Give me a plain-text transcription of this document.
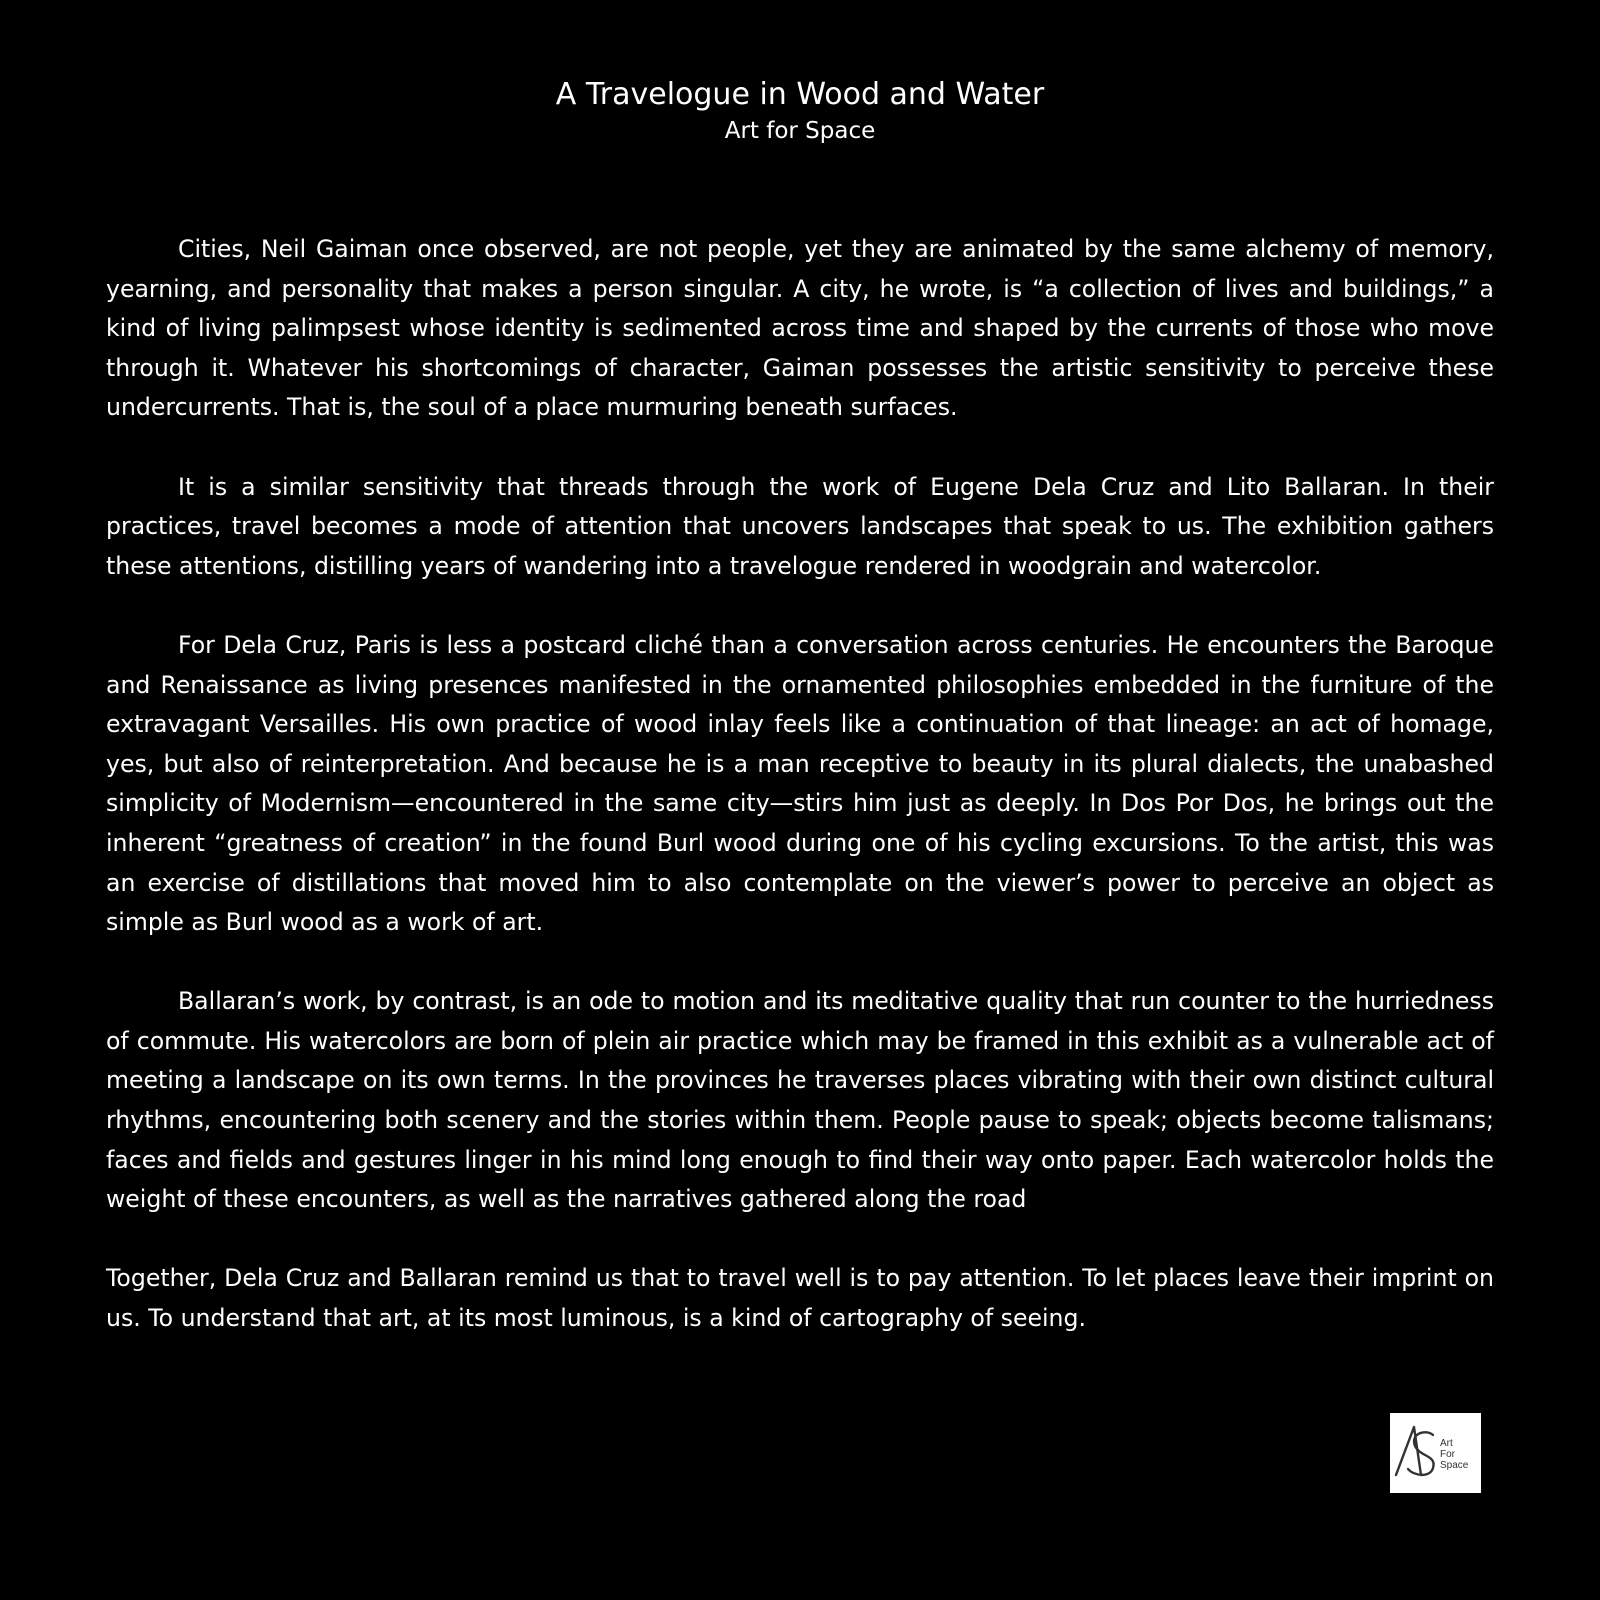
A Travelogue in Wood and Water
Art for Space

Cities, Neil Gaiman once observed, are not people, yet they are animated by the same alchemy of memory, yearning, and personality that makes a person singular. A city, he wrote, is “a collection of lives and buildings,” a kind of living palimpsest whose identity is sedimented across time and shaped by the currents of those who move through it. Whatever his shortcomings of character, Gaiman possesses the artistic sensitivity to perceive these undercurrents. That is, the soul of a place murmuring beneath surfaces.

It is a similar sensitivity that threads through the work of Eugene Dela Cruz and Lito Ballaran. In their practices, travel becomes a mode of attention that uncovers landscapes that speak to us. The exhibition gathers these attentions, distilling years of wandering into a travelogue rendered in woodgrain and watercolor.

For Dela Cruz, Paris is less a postcard cliché than a conversation across centuries. He encounters the Baroque and Renaissance as living presences manifested in the ornamented philosophies embedded in the furniture of the extravagant Versailles. His own practice of wood inlay feels like a continuation of that lineage: an act of homage, yes, but also of reinterpretation. And because he is a man receptive to beauty in its plural dialects, the unabashed simplicity of Modernism—encountered in the same city—stirs him just as deeply. In Dos Por Dos, he brings out the inherent “greatness of creation” in the found Burl wood during one of his cycling excursions. To the artist, this was an exercise of distillations that moved him to also contemplate on the viewer’s power to perceive an object as simple as Burl wood as a work of art.

Ballaran’s work, by contrast, is an ode to motion and its meditative quality that run counter to the hurriedness of commute. His watercolors are born of plein air practice which may be framed in this exhibit as a vulnerable act of meeting a landscape on its own terms. In the provinces he traverses places vibrating with their own distinct cultural rhythms, encountering both scenery and the stories within them. People pause to speak; objects become talismans; faces and fields and gestures linger in his mind long enough to find their way onto paper. Each watercolor holds the weight of these encounters, as well as the narratives gathered along the road

Together, Dela Cruz and Ballaran remind us that to travel well is to pay attention. To let places leave their imprint on us. To understand that art, at its most luminous, is a kind of cartography of seeing.

Art
For
Space
